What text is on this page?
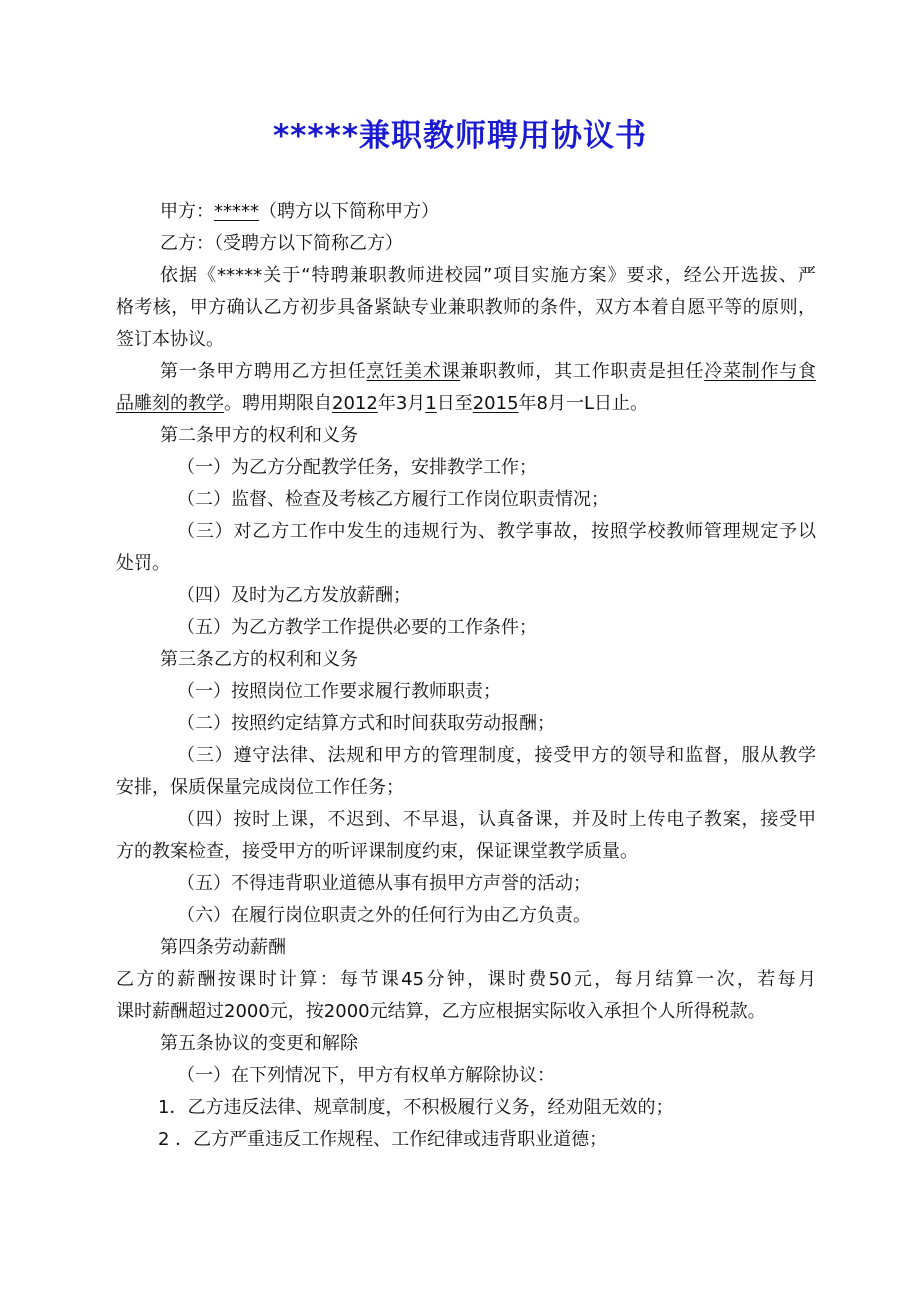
*****兼职教师聘用协议书
甲方：*****（聘方以下简称甲方）
乙方：（受聘方以下简称乙方）
依据《*****关于“特聘兼职教师进校园”项目实施方案》要求，经公开选拔、严
格考核，甲方确认乙方初步具备紧缺专业兼职教师的条件，双方本着自愿平等的原则，
签订本协议。
第一条甲方聘用乙方担任烹饪美术课兼职教师，其工作职责是担任冷菜制作与食
品雕刻的教学。聘用期限自2012年3月1日至2015年8月一L日止。
第二条甲方的权利和义务
（一）为乙方分配教学任务，安排教学工作；
（二）监督、检查及考核乙方履行工作岗位职责情况；
（三）对乙方工作中发生的违规行为、教学事故，按照学校教师管理规定予以
处罚。
（四）及时为乙方发放薪酬；
（五）为乙方教学工作提供必要的工作条件；
第三条乙方的权利和义务
（一）按照岗位工作要求履行教师职责；
（二）按照约定结算方式和时间获取劳动报酬；
（三）遵守法律、法规和甲方的管理制度，接受甲方的领导和监督，服从教学
安排，保质保量完成岗位工作任务；
（四）按时上课，不迟到、不早退，认真备课，并及时上传电子教案，接受甲
方的教案检查，接受甲方的听评课制度约束，保证课堂教学质量。
（五）不得违背职业道德从事有损甲方声誉的活动；
（六）在履行岗位职责之外的任何行为由乙方负责。
第四条劳动薪酬
乙方的薪酬按课时计算：每节课45分钟，课时费50元，每月结算一次，若每月
课时薪酬超过2000元，按2000元结算，乙方应根据实际收入承担个人所得税款。
第五条协议的变更和解除
（一）在下列情况下，甲方有权单方解除协议：
1．乙方违反法律、规章制度，不积极履行义务，经劝阻无效的；
2 ．乙方严重违反工作规程、工作纪律或违背职业道德；
